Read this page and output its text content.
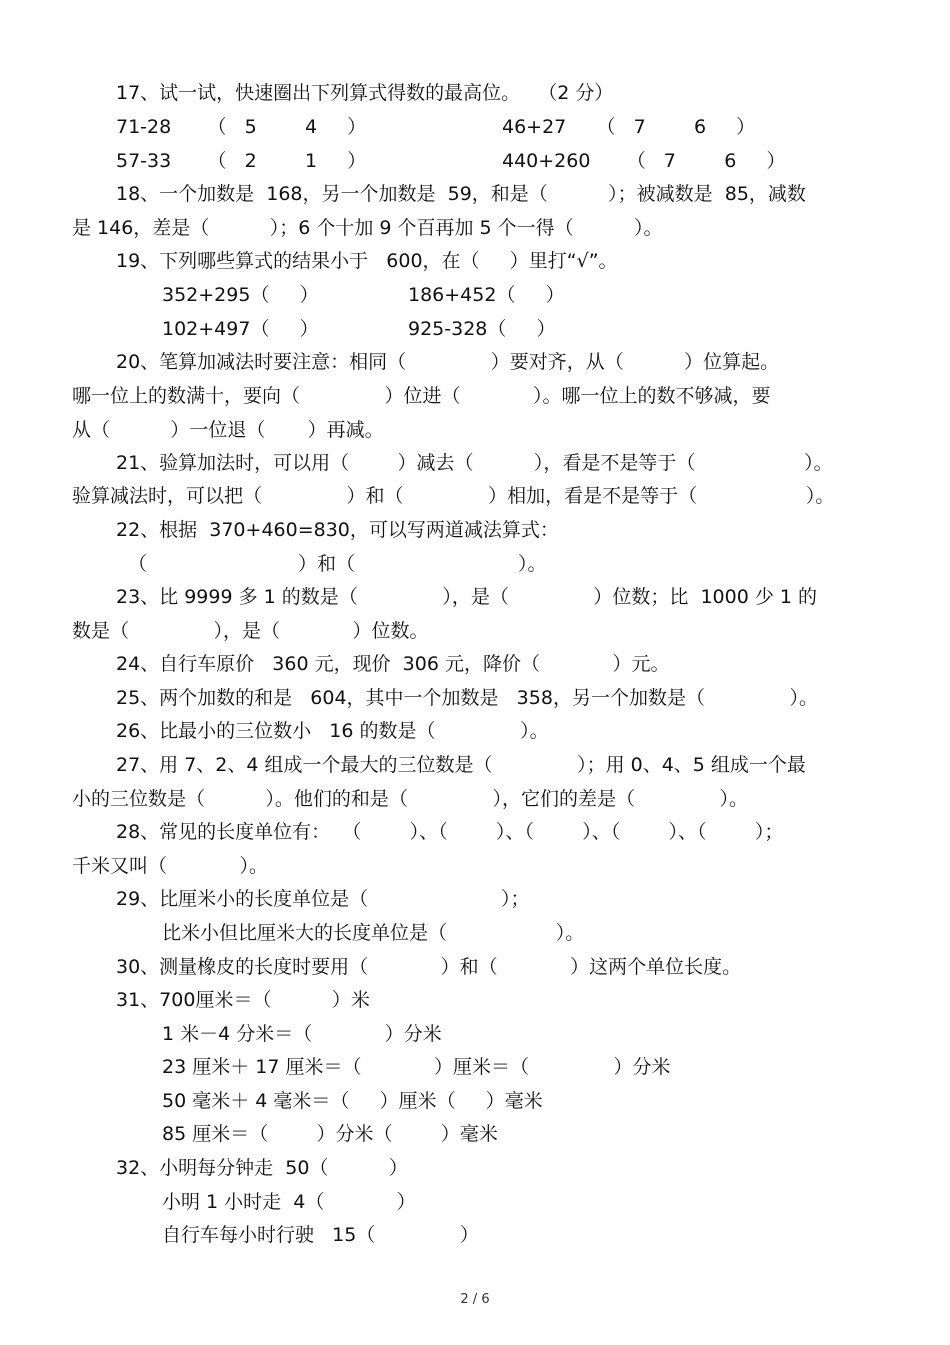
17、试一试，快速圈出下列算式得数的最高位。   （2 分）
71-28      （   5        4     ）	46+27     （   7        6     ）
57-33      （   2        1     ）	440+260      （   7        6     ）
18、一个加数是  168，另一个加数是  59，和是（          ）；被减数是  85，减数
是 146，差是（          ）；6 个十加 9 个百再加 5 个一得（          ）。
19、下列哪些算式的结果小于   600，在（     ）里打“√”。
352+295（     ）	186+452（     ）
102+497（     ）	925-328（     ）
20、笔算加减法时要注意：相同（              ）要对齐，从（          ）位算起。
哪一位上的数满十，要向（              ）位进（            ）。哪一位上的数不够减，要
从（          ）一位退（       ）再减。
21、验算加法时，可以用（        ）减去（          ），看是不是等于（                  ）。
验算减法时，可以把（              ）和（              ）相加，看是不是等于（                  ）。
22、根据  370+460=830，可以写两道减法算式：
（                         ）和（                           ）。
23、比 9999 多 1 的数是（              ），是（              ）位数；比  1000 少 1 的
数是（              ），是（            ）位数。
24、自行车原价   360 元，现价  306 元，降价（            ）元。
25、两个加数的和是   604，其中一个加数是   358，另一个加数是（              ）。
26、比最小的三位数小   16 的数是（              ）。
27、用 7、2、4 组成一个最大的三位数是（              ）；用 0、4、5 组成一个最
小的三位数是（          ）。他们的和是（              ），它们的差是（              ）。
28、常见的长度单位有：  （        ）、（        ）、（        ）、（        ）、（        ）；
千米又叫（            ）。
29、比厘米小的长度单位是（                      ）；
比米小但比厘米大的长度单位是（                  ）。
30、测量橡皮的长度时要用（            ）和（            ）这两个单位长度。
31、700厘米＝（          ）米
1 米－4 分米＝（            ）分米
23 厘米＋ 17 厘米＝（            ）厘米＝（              ）分米
50 毫米＋ 4 毫米＝（     ）厘米（     ）毫米
85 厘米＝（        ）分米（        ）毫米
32、小明每分钟走  50（          ）
小明 1 小时走  4（            ）
自行车每小时行驶   15（              ）
2 / 6
